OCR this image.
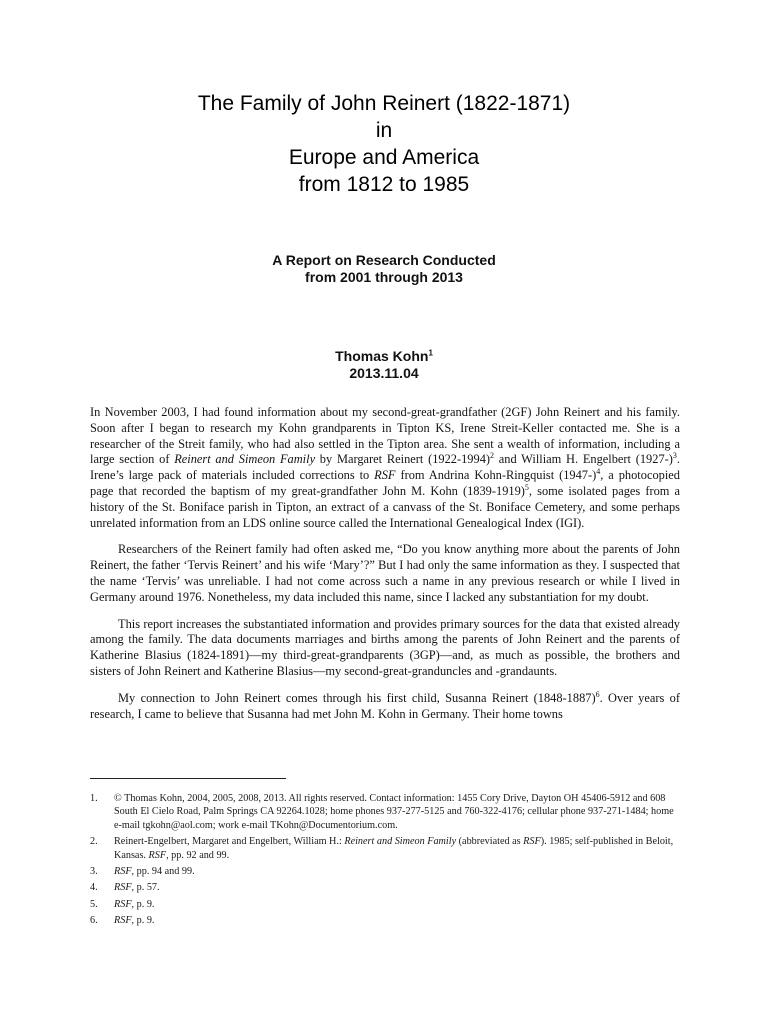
The Family of John Reinert (1822-1871)
in
Europe and America
from 1812 to 1985
A Report on Research Conducted
from 2001 through 2013
Thomas Kohn$^1$
2013.11.04

In November 2003, I had found information about my second-great-grandfather (2GF) John Reinert and his family. Soon after I began to research my Kohn grandparents in Tipton KS, Irene Streit-Keller contacted me. She is a researcher of the Streit family, who had also settled in the Tipton area. She sent a wealth of information, including a large section of Reinert and Simeon Family by Margaret Reinert (1922-1994)$^2$ and William H. Engelbert $(1927-)^3$. Irene’s large pack of materials included corrections to RSF from Andrina Kohn-Ringquist $(1947-)^4$, a photocopied page that recorded the baptism of my great-grandfather John M. Kohn (1839-1919)$^5$, some isolated pages from a history of the St. Boniface parish in Tipton, an extract of a canvass of the St. Boniface Cemetery, and some perhaps unrelated information from an LDS online source called the International Genealogical Index (IGI).

Researchers of the Reinert family had often asked me, “Do you know anything more about the parents of John Reinert, the father ‘Tervis Reinert’ and his wife ‘Mary’?” But I had only the same information as they. I suspected that the name ‘Tervis’ was unreliable. I had not come across such a name in any previous research or while I lived in Germany around 1976. Nonetheless, my data included this name, since I lacked any substantiation for my doubt.

This report increases the substantiated information and provides primary sources for the data that existed already among the family. The data documents marriages and births among the parents of John Reinert and the parents of Katherine Blasius (1824-1891)—my third-great-grandparents (3GP)—and, as much as possible, the brothers and sisters of John Reinert and Katherine Blasius—my second-great-granduncles and -grandaunts.

My connection to John Reinert comes through his first child, Susanna Reinert (1848-1887)$^6$. Over years of research, I came to believe that Susanna had met John M. Kohn in Germany. Their home towns

1.	© Thomas Kohn, 2004, 2005, 2008, 2013. All rights reserved. Contact information: 1455 Cory Drive, Dayton OH 45406-5912 and 608 South El Cielo Road, Palm Springs CA 92264.1028; home phones 937-277-5125 and 760-322-4176; cellular phone 937-271-1484; home e-mail tgkohn@aol.com; work e-mail TKohn@Documentorium.com.
2.	Reinert-Engelbert, Margaret and Engelbert, William H.: Reinert and Simeon Family (abbreviated as RSF). 1985; self-published in Beloit, Kansas. RSF, pp. 92 and 99.
3.	RSF, pp. 94 and 99.
4.	RSF, p. 57.
5.	RSF, p. 9.
6.	RSF, p. 9.
